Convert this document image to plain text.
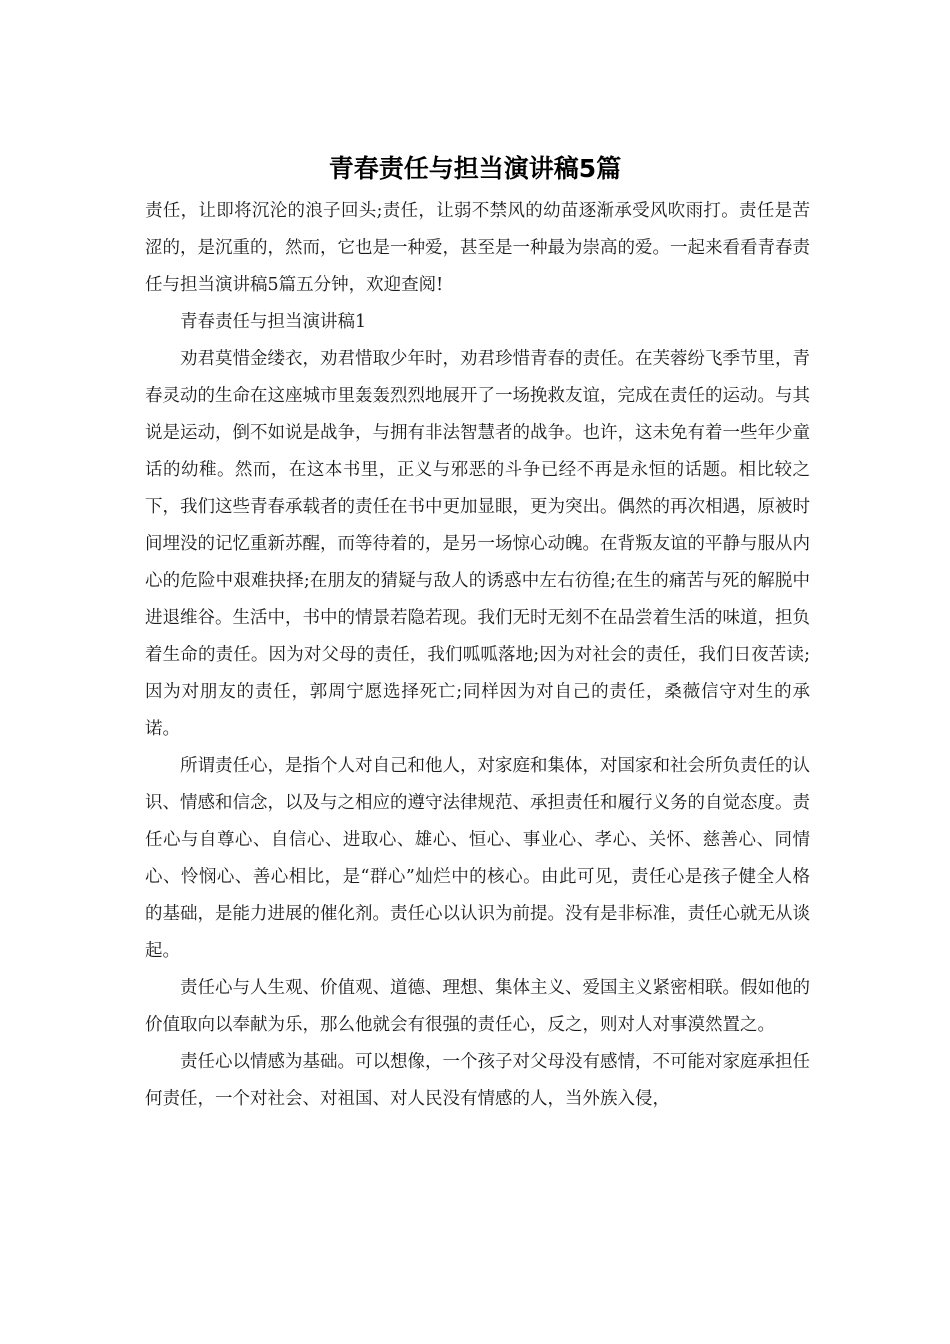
青春责任与担当演讲稿5篇

责任，让即将沉沦的浪子回头;责任，让弱不禁风的幼苗逐渐承受风吹雨打。责任是苦涩的，是沉重的，然而，它也是一种爱，甚至是一种最为崇高的爱。一起来看看青春责任与担当演讲稿5篇五分钟，欢迎查阅!

青春责任与担当演讲稿1

劝君莫惜金缕衣，劝君惜取少年时，劝君珍惜青春的责任。在芙蓉纷飞季节里，青春灵动的生命在这座城市里轰轰烈烈地展开了一场挽救友谊，完成在责任的运动。与其说是运动，倒不如说是战争，与拥有非法智慧者的战争。也许，这未免有着一些年少童话的幼稚。然而，在这本书里，正义与邪恶的斗争已经不再是永恒的话题。相比较之下，我们这些青春承载者的责任在书中更加显眼，更为突出。偶然的再次相遇，原被时间埋没的记忆重新苏醒，而等待着的，是另一场惊心动魄。在背叛友谊的平静与服从内心的危险中艰难抉择;在朋友的猜疑与敌人的诱惑中左右彷徨;在生的痛苦与死的解脱中进退维谷。生活中，书中的情景若隐若现。我们无时无刻不在品尝着生活的味道，担负着生命的责任。因为对父母的责任，我们呱呱落地;因为对社会的责任，我们日夜苦读;因为对朋友的责任，郭周宁愿选择死亡;同样因为对自己的责任，桑薇信守对生的承诺。

所谓责任心，是指个人对自己和他人，对家庭和集体，对国家和社会所负责任的认识、情感和信念，以及与之相应的遵守法律规范、承担责任和履行义务的自觉态度。责任心与自尊心、自信心、进取心、雄心、恒心、事业心、孝心、关怀、慈善心、同情心、怜悯心、善心相比，是“群心”灿烂中的核心。由此可见，责任心是孩子健全人格的基础，是能力进展的催化剂。责任心以认识为前提。没有是非标准，责任心就无从谈起。

责任心与人生观、价值观、道德、理想、集体主义、爱国主义紧密相联。假如他的价值取向以奉献为乐，那么他就会有很强的责任心，反之，则对人对事漠然置之。

责任心以情感为基础。可以想像，一个孩子对父母没有感情，不可能对家庭承担任何责任，一个对社会、对祖国、对人民没有情感的人，当外族入侵，
